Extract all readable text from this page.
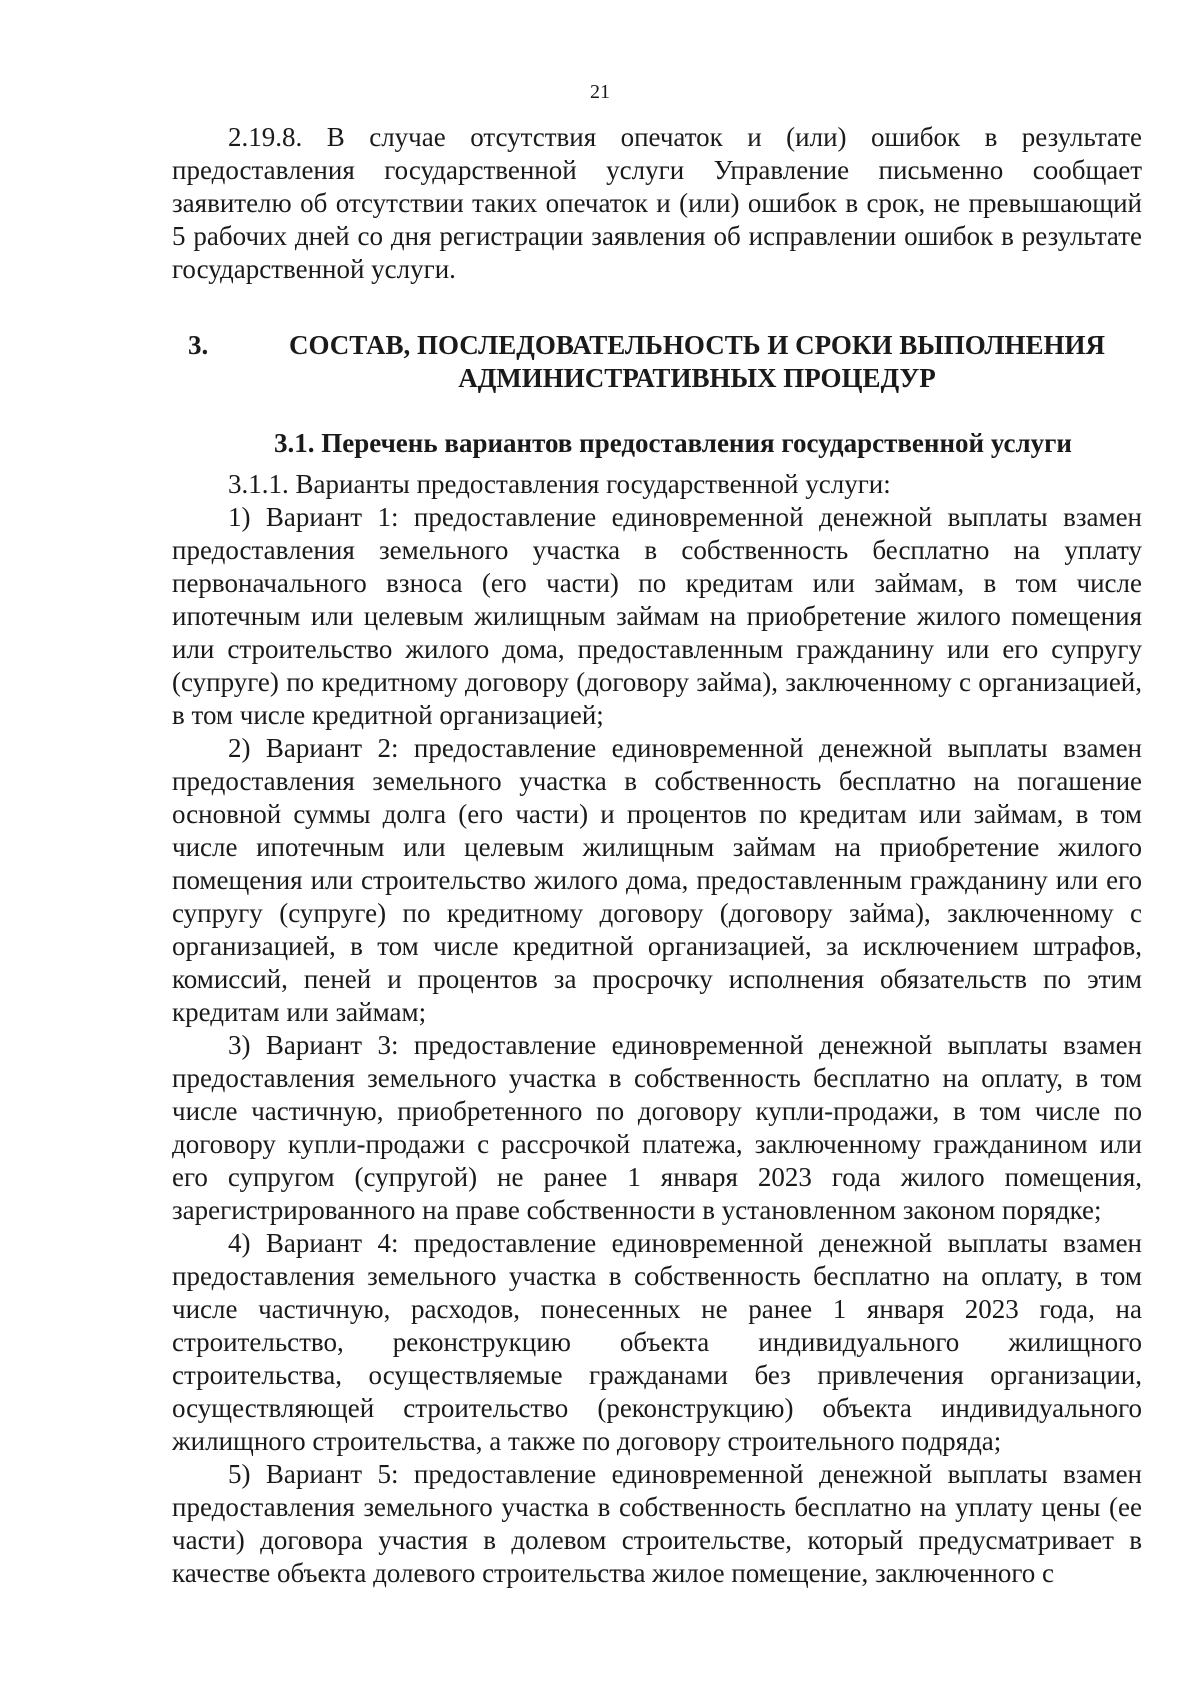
21

2.19.8. В случае отсутствия опечаток и (или) ошибок в результате предоставления государственной услуги Управление письменно сообщает заявителю об отсутствии таких опечаток и (или) ошибок в срок, не превышающий 5 рабочих дней со дня регистрации заявления об исправлении ошибок в результате государственной услуги.

3.	СОСТАВ, ПОСЛЕДОВАТЕЛЬНОСТЬ И СРОКИ ВЫПОЛНЕНИЯ АДМИНИСТРАТИВНЫХ ПРОЦЕДУР
3.1. Перечень вариантов предоставления государственной услуги

3.1.1. Варианты предоставления государственной услуги:

1) Вариант 1: предоставление единовременной денежной выплаты взамен предоставления земельного участка в собственность бесплатно на уплату первоначального взноса (его части) по кредитам или займам, в том числе ипотечным или целевым жилищным займам на приобретение жилого помещения или строительство жилого дома, предоставленным гражданину или его супругу (супруге) по кредитному договору (договору займа), заключенному с организацией, в том числе кредитной организацией;

2) Вариант 2: предоставление единовременной денежной выплаты взамен предоставления земельного участка в собственность бесплатно на погашение основной суммы долга (его части) и процентов по кредитам или займам, в том числе ипотечным или целевым жилищным займам на приобретение жилого помещения или строительство жилого дома, предоставленным гражданину или его супругу (супруге) по кредитному договору (договору займа), заключенному с организацией, в том числе кредитной организацией, за исключением штрафов, комиссий, пеней и процентов за просрочку исполнения обязательств по этим кредитам или займам;

3) Вариант 3: предоставление единовременной денежной выплаты взамен предоставления земельного участка в собственность бесплатно на оплату, в том числе частичную, приобретенного по договору купли-продажи, в том числе по договору купли-продажи с рассрочкой платежа, заключенному гражданином или его супругом (супругой) не ранее 1 января 2023 года жилого помещения, зарегистрированного на праве собственности в установленном законом порядке;

4) Вариант 4: предоставление единовременной денежной выплаты взамен предоставления земельного участка в собственность бесплатно на оплату, в том числе частичную, расходов, понесенных не ранее 1 января 2023 года, на строительство, реконструкцию объекта индивидуального жилищного строительства, осуществляемые гражданами без привлечения организации, осуществляющей строительство (реконструкцию) объекта индивидуального жилищного строительства, а также по договору строительного подряда;

5) Вариант 5: предоставление единовременной денежной выплаты взамен предоставления земельного участка в собственность бесплатно на уплату цены (ее части) договора участия в долевом строительстве, который предусматривает в качестве объекта долевого строительства жилое помещение, заключенного с
